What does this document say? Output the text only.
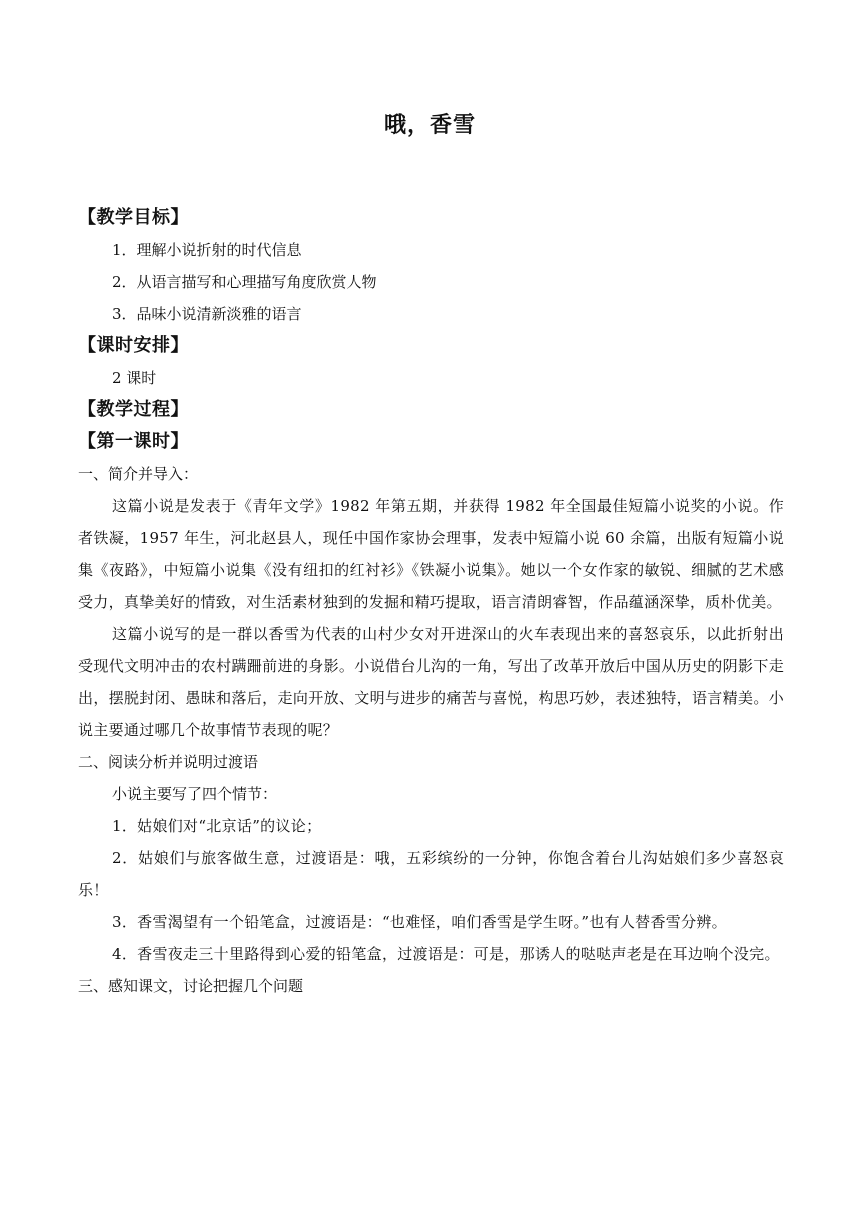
哦，香雪
【教学目标】
1．理解小说折射的时代信息
2．从语言描写和心理描写角度欣赏人物
3．品味小说清新淡雅的语言
【课时安排】
2 课时
【教学过程】
【第一课时】
一、简介并导入：
这篇小说是发表于《青年文学》1982 年第五期，并获得 1982 年全国最佳短篇小说奖的小说。作者铁凝，1957 年生，河北赵县人，现任中国作家协会理事，发表中短篇小说 60 余篇，出版有短篇小说集《夜路》，中短篇小说集《没有纽扣的红衬衫》《铁凝小说集》。她以一个女作家的敏锐、细腻的艺术感受力，真挚美好的情致，对生活素材独到的发掘和精巧提取，语言清朗睿智，作品蕴涵深挚，质朴优美。
这篇小说写的是一群以香雪为代表的山村少女对开进深山的火车表现出来的喜怒哀乐，以此折射出受现代文明冲击的农村蹒跚前进的身影。小说借台儿沟的一角，写出了改革开放后中国从历史的阴影下走出，摆脱封闭、愚昧和落后，走向开放、文明与进步的痛苦与喜悦，构思巧妙，表述独特，语言精美。小说主要通过哪几个故事情节表现的呢？
二、阅读分析并说明过渡语
小说主要写了四个情节：
1．姑娘们对“北京话”的议论；
2．姑娘们与旅客做生意，过渡语是：哦，五彩缤纷的一分钟，你饱含着台儿沟姑娘们多少喜怒哀乐！
3．香雪渴望有一个铅笔盒，过渡语是：“也难怪，咱们香雪是学生呀。”也有人替香雪分辨。
4．香雪夜走三十里路得到心爱的铅笔盒，过渡语是：可是，那诱人的哒哒声老是在耳边响个没完。
三、感知课文，讨论把握几个问题
